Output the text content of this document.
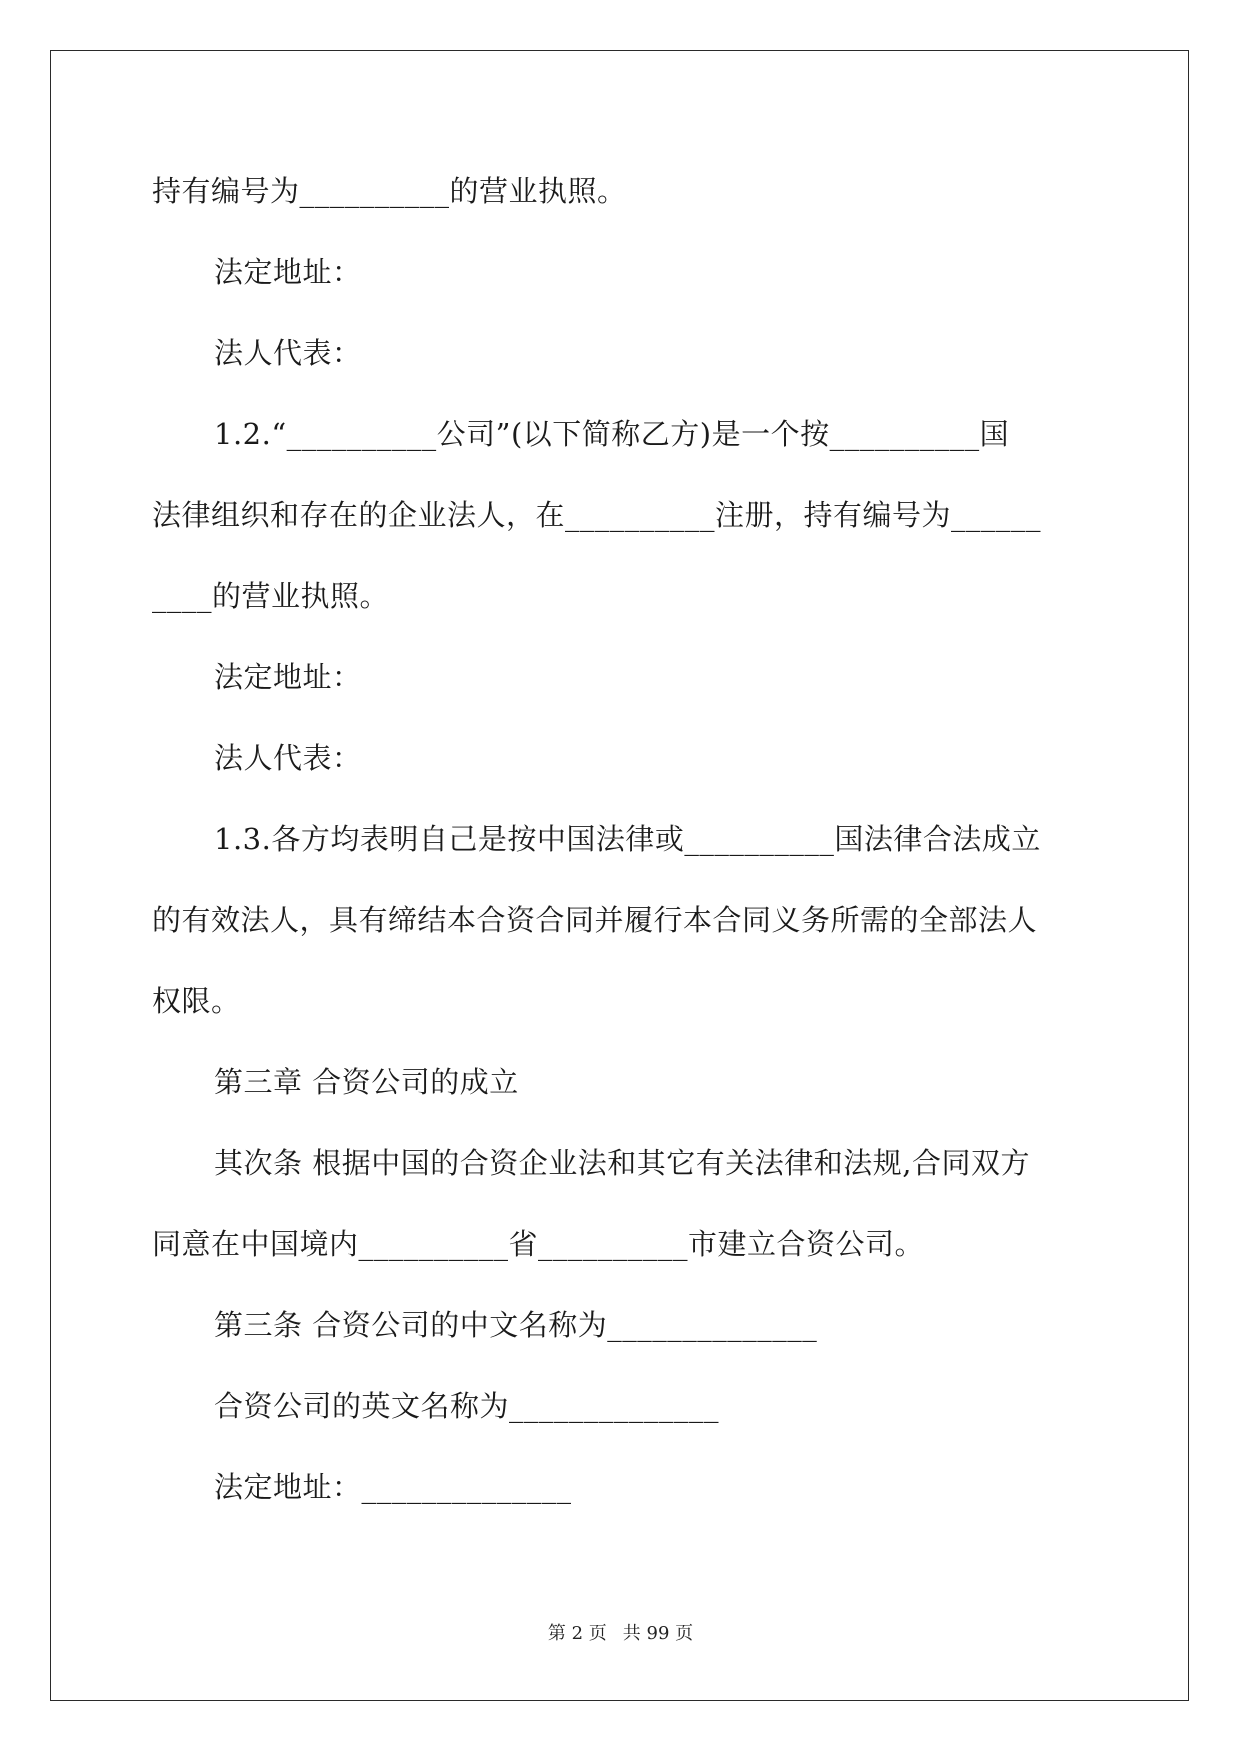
持有编号为__________的营业执照。

法定地址：

法人代表：

1.2.“__________公司”(以下简称乙方)是一个按__________国

法律组织和存在的企业法人，在__________注册，持有编号为______

____的营业执照。

法定地址：

法人代表：

1.3.各方均表明自己是按中国法律或__________国法律合法成立

的有效法人，具有缔结本合资合同并履行本合同义务所需的全部法人

权限。

第三章 合资公司的成立

其次条 根据中国的合资企业法和其它有关法律和法规,合同双方

同意在中国境内__________省__________市建立合资公司。

第三条 合资公司的中文名称为______________

合资公司的英文名称为______________

法定地址：______________

第 2 页 共 99 页
